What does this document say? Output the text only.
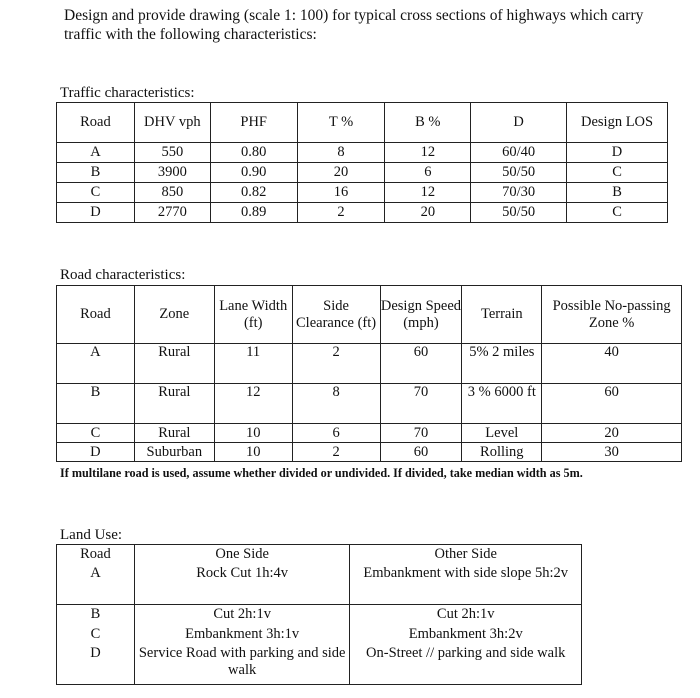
Design and provide drawing (scale 1: 100) for typical cross sections of highways which carry traffic with the following characteristics:
Traffic characteristics:
Road	DHV vph	PHF	T %	B %	D	Design LOS
A	550	0.80	8	12	60/40	D
B	3900	0.90	20	6	50/50	C
C	850	0.82	16	12	70/30	B
D	2770	0.89	2	20	50/50	C
Road characteristics:
Road	Zone	Lane Width (ft)	Side Clearance (ft)	Design Speed (mph)	Terrain	Possible No-passing Zone %
A	Rural	11	2	60	5% 2 miles	40
B	Rural	12	8	70	3 % 6000 ft	60
C	Rural	10	6	70	Level	20
D	Suburban	10	2	60	Rolling	30
If multilane road is used, assume whether divided or undivided. If divided, take median width as 5m.
Land Use:
Road	One Side	Other Side
A	Rock Cut 1h:4v	Embankment with side slope 5h:2v
B	Cut 2h:1v	Cut 2h:1v
C	Embankment 3h:1v	Embankment 3h:2v
D	Service Road with parking and side walk	On-Street // parking and side walk
